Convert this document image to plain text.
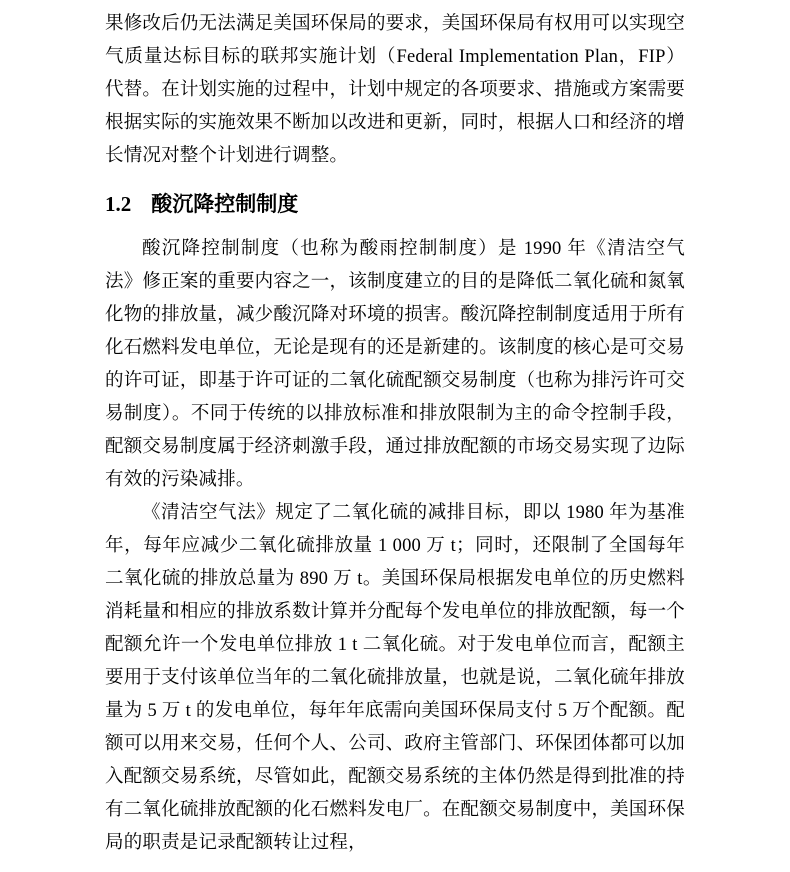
果修改后仍无法满足美国环保局的要求，美国环保局有权用可以实现空气质量达标目标的联邦实施计划（Federal Implementation Plan，FIP）代替。在计划实施的过程中，计划中规定的各项要求、措施或方案需要根据实际的实施效果不断加以改进和更新，同时，根据人口和经济的增长情况对整个计划进行调整。

1.2 酸沉降控制制度

酸沉降控制制度（也称为酸雨控制制度）是 1990 年《清洁空气法》修正案的重要内容之一，该制度建立的目的是降低二氧化硫和氮氧化物的排放量，减少酸沉降对环境的损害。酸沉降控制制度适用于所有化石燃料发电单位，无论是现有的还是新建的。该制度的核心是可交易的许可证，即基于许可证的二氧化硫配额交易制度（也称为排污许可交易制度）。不同于传统的以排放标准和排放限制为主的命令控制手段，配额交易制度属于经济刺激手段，通过排放配额的市场交易实现了边际有效的污染减排。

《清洁空气法》规定了二氧化硫的减排目标，即以 1980 年为基准年，每年应减少二氧化硫排放量 1 000 万 t；同时，还限制了全国每年二氧化硫的排放总量为 890 万 t。美国环保局根据发电单位的历史燃料消耗量和相应的排放系数计算并分配每个发电单位的排放配额，每一个配额允许一个发电单位排放 1 t 二氧化硫。对于发电单位而言，配额主要用于支付该单位当年的二氧化硫排放量，也就是说，二氧化硫年排放量为 5 万 t 的发电单位，每年年底需向美国环保局支付 5 万个配额。配额可以用来交易，任何个人、公司、政府主管部门、环保团体都可以加入配额交易系统，尽管如此，配额交易系统的主体仍然是得到批准的持有二氧化硫排放配额的化石燃料发电厂。在配额交易制度中，美国环保局的职责是记录配额转让过程，
